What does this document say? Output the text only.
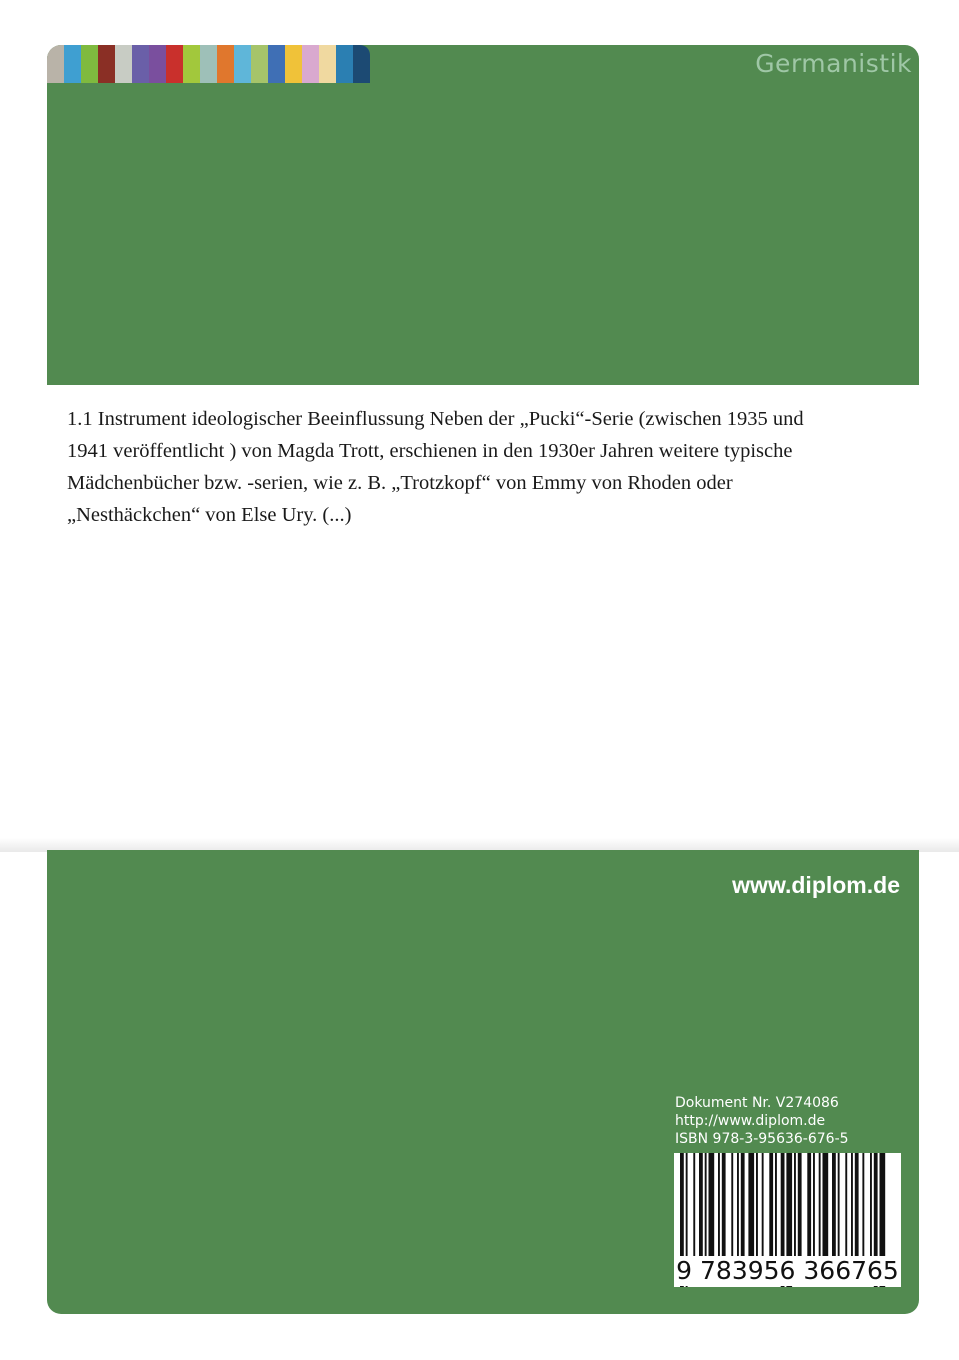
Germanistik

1.1 Instrument ideologischer Beeinflussung Neben der „Pucki“-Serie (zwischen 1935 und 1941 veröffentlicht ) von Magda Trott, erschienen in den 1930er Jahren weitere typische Mädchenbücher bzw. -serien, wie z. B. „Trotzkopf“ von Emmy von Rhoden oder „Nesthäckchen“ von Else Ury. (...)

www.diplom.de
Dokument Nr. V274086
http://www.diplom.de
ISBN 978-3-95636-676-5
9 783956 366765
